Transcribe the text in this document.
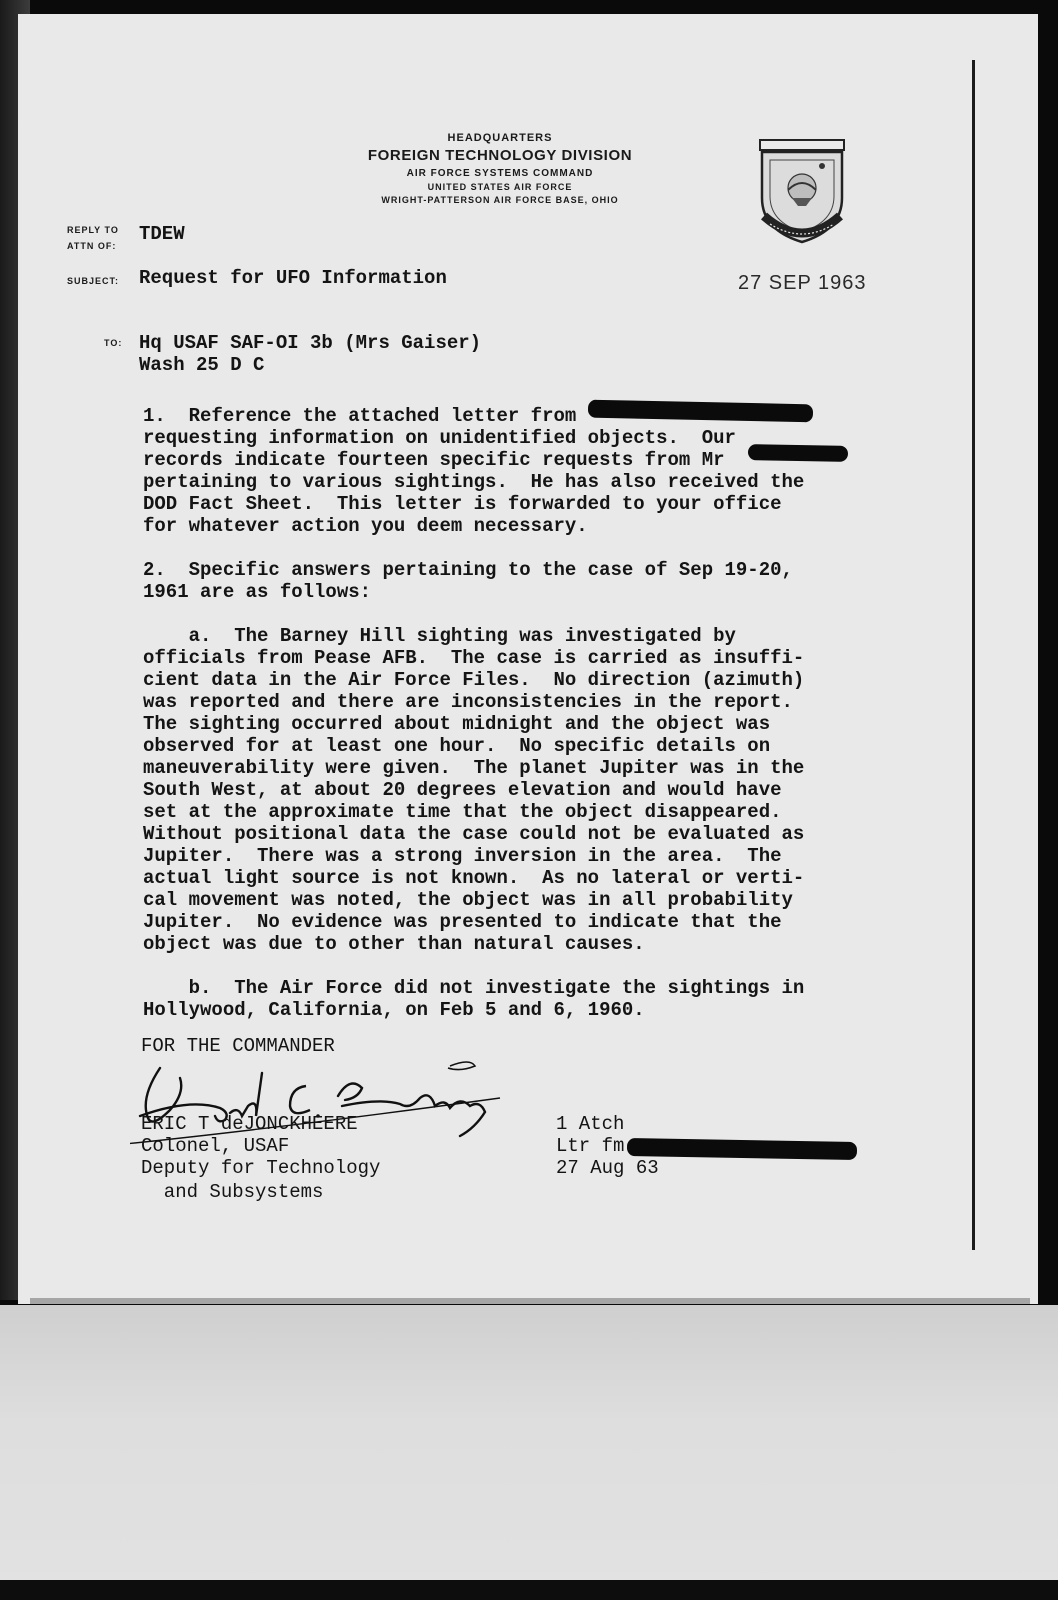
HEADQUARTERS
FOREIGN TECHNOLOGY DIVISION
AIR FORCE SYSTEMS COMMAND
UNITED STATES AIR FORCE
WRIGHT-PATTERSON AIR FORCE BASE, OHIO
REPLY TO
ATTN OF:
TDEW
SUBJECT: Request for UFO Information	27 SEP 1963
TO: Hq USAF SAF-OI 3b (Mrs Gaiser)
Wash 25 D C

1.  Reference the attached letter from

requesting information on unidentified objects.  Our

records indicate fourteen specific requests from Mr

pertaining to various sightings.  He has also received the

DOD Fact Sheet.  This letter is forwarded to your office

for whatever action you deem necessary.

2.  Specific answers pertaining to the case of Sep 19-20,

1961 are as follows:

a.  The Barney Hill sighting was investigated by

officials from Pease AFB.  The case is carried as insuffi-

cient data in the Air Force Files.  No direction (azimuth)

was reported and there are inconsistencies in the report.

The sighting occurred about midnight and the object was

observed for at least one hour.  No specific details on

maneuverability were given.  The planet Jupiter was in the

South West, at about 20 degrees elevation and would have

set at the approximate time that the object disappeared.

Without positional data the case could not be evaluated as

Jupiter.  There was a strong inversion in the area.  The

actual light source is not known.  As no lateral or verti-

cal movement was noted, the object was in all probability

Jupiter.  No evidence was presented to indicate that the

object was due to other than natural causes.

b.  The Air Force did not investigate the sightings in

Hollywood, California, on Feb 5 and 6, 1960.

FOR THE COMMANDER
ERIC T deJONCKHEERE
Colonel, USAF
Deputy for Technology
and Subsystems
1 Atch
Ltr fm
27 Aug 63
